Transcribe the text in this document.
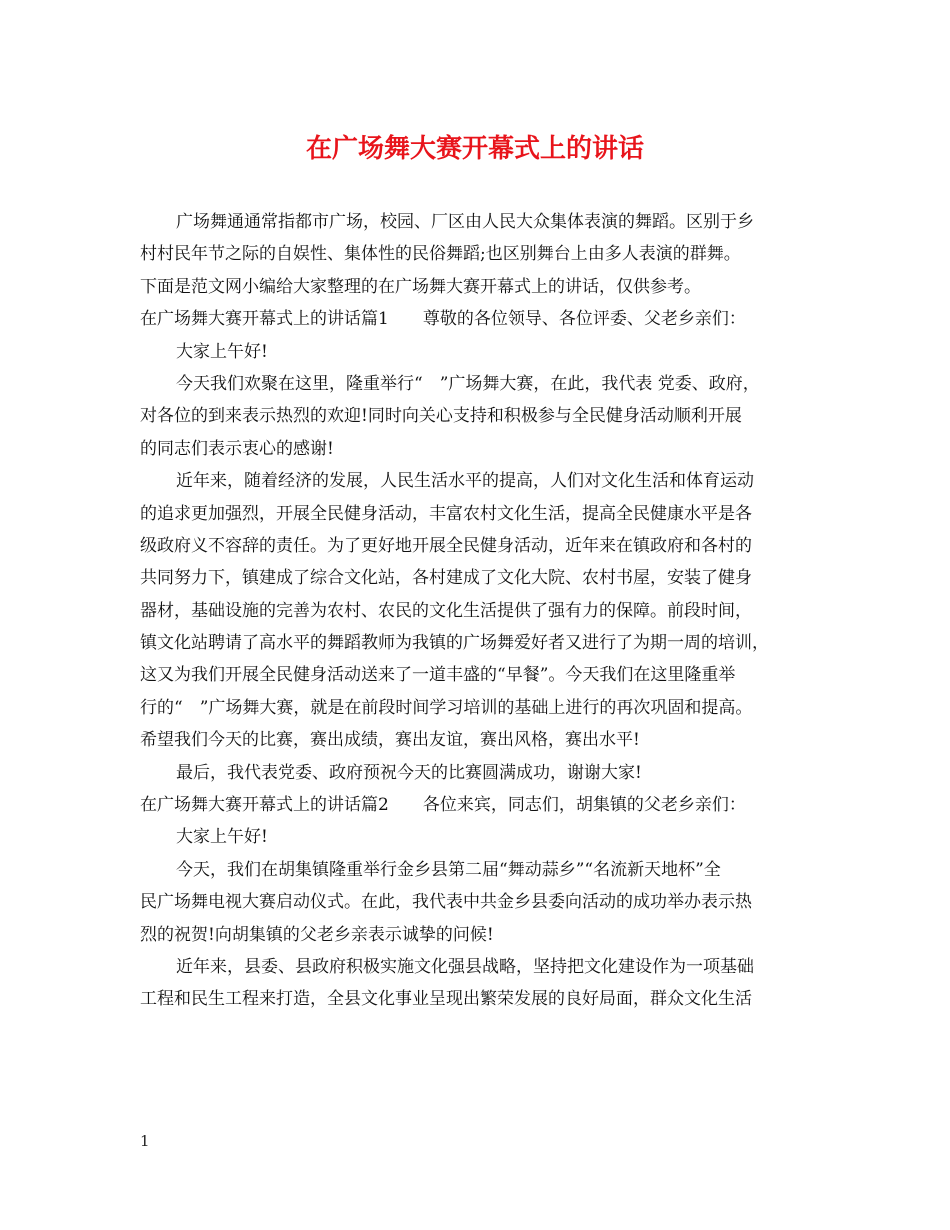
在广场舞大赛开幕式上的讲话
广场舞通通常指都市广场，校园、厂区由人民大众集体表演的舞蹈。区别于乡
村村民年节之际的自娱性、集体性的民俗舞蹈;也区别舞台上由多人表演的群舞。
下面是范文网小编给大家整理的在广场舞大赛开幕式上的讲话，仅供参考。
在广场舞大赛开幕式上的讲话篇1　　尊敬的各位领导、各位评委、父老乡亲们：
大家上午好!
今天我们欢聚在这里，隆重举行“　”广场舞大赛，在此，我代表 党委、政府，
对各位的到来表示热烈的欢迎!同时向关心支持和积极参与全民健身活动顺利开展
的同志们表示衷心的感谢!
近年来，随着经济的发展，人民生活水平的提高，人们对文化生活和体育运动
的追求更加强烈，开展全民健身活动，丰富农村文化生活，提高全民健康水平是各
级政府义不容辞的责任。为了更好地开展全民健身活动，近年来在镇政府和各村的
共同努力下，镇建成了综合文化站，各村建成了文化大院、农村书屋，安装了健身
器材，基础设施的完善为农村、农民的文化生活提供了强有力的保障。前段时间，
镇文化站聘请了高水平的舞蹈教师为我镇的广场舞爱好者又进行了为期一周的培训，
这又为我们开展全民健身活动送来了一道丰盛的“早餐”。今天我们在这里隆重举
行的“　”广场舞大赛，就是在前段时间学习培训的基础上进行的再次巩固和提高。
希望我们今天的比赛，赛出成绩，赛出友谊，赛出风格，赛出水平!
最后，我代表党委、政府预祝今天的比赛圆满成功，谢谢大家!
在广场舞大赛开幕式上的讲话篇2　　各位来宾，同志们，胡集镇的父老乡亲们：
大家上午好!
今天，我们在胡集镇隆重举行金乡县第二届“舞动蒜乡”“名流新天地杯”全
民广场舞电视大赛启动仪式。在此，我代表中共金乡县委向活动的成功举办表示热
烈的祝贺!向胡集镇的父老乡亲表示诚挚的问候!
近年来，县委、县政府积极实施文化强县战略，坚持把文化建设作为一项基础
工程和民生工程来打造，全县文化事业呈现出繁荣发展的良好局面，群众文化生活
1
